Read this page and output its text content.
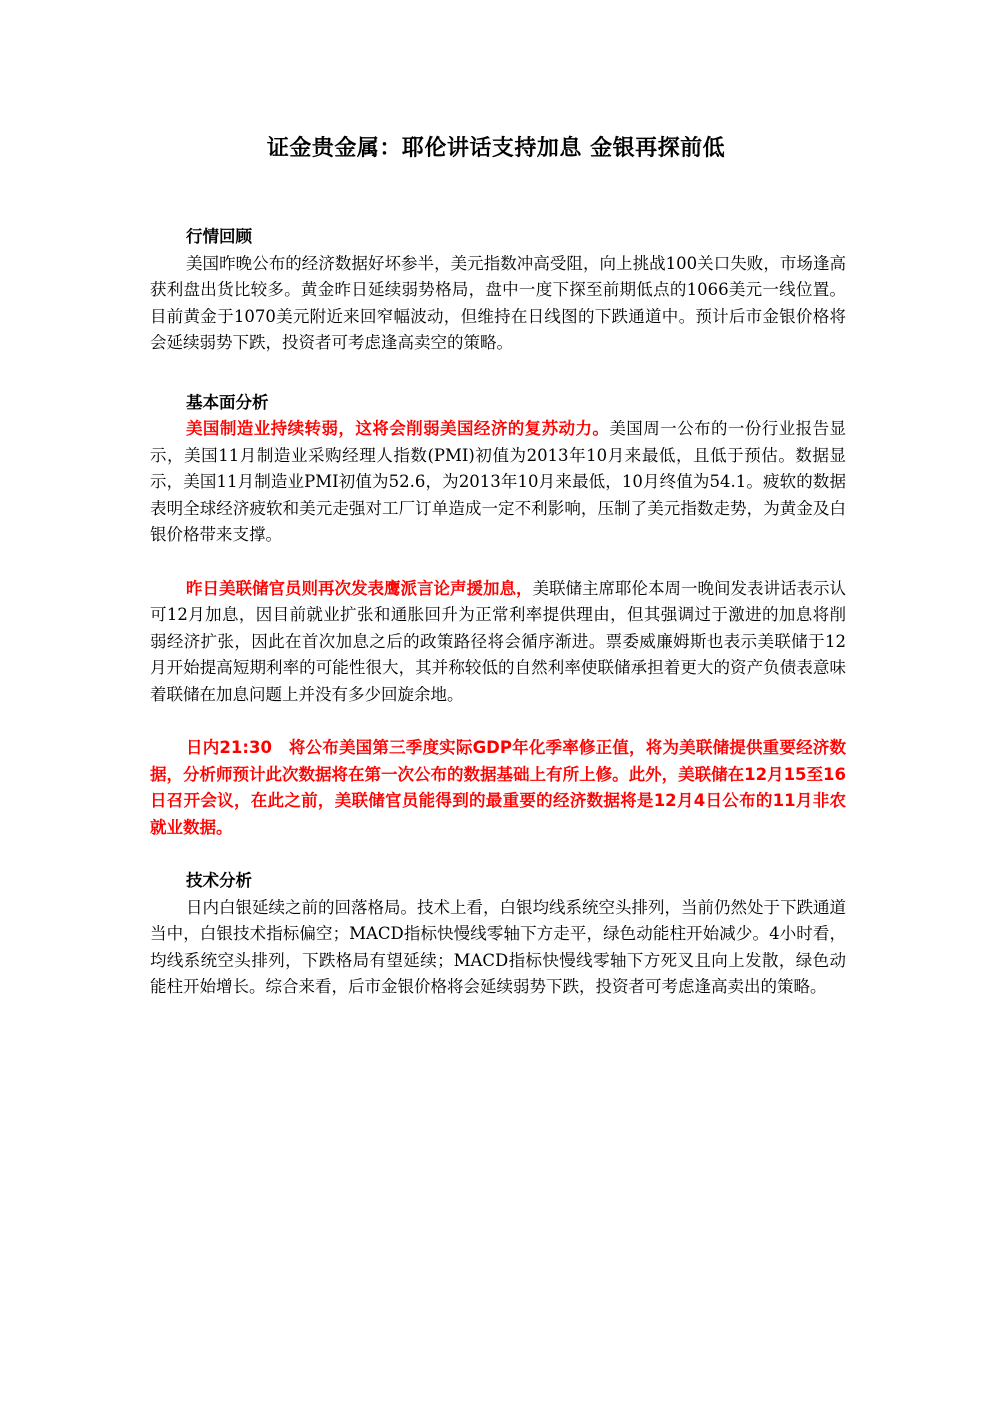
证金贵金属：耶伦讲话支持加息 金银再探前低

行情回顾

美国昨晚公布的经济数据好坏参半，美元指数冲高受阻，向上挑战100关口失败，市场逢高获利盘出货比较多。黄金昨日延续弱势格局，盘中一度下探至前期低点的1066美元一线位置。目前黄金于1070美元附近来回窄幅波动，但维持在日线图的下跌通道中。预计后市金银价格将会延续弱势下跌，投资者可考虑逢高卖空的策略。

基本面分析

美国制造业持续转弱，这将会削弱美国经济的复苏动力。美国周一公布的一份行业报告显示，美国11月制造业采购经理人指数(PMI)初值为2013年10月来最低，且低于预估。数据显示，美国11月制造业PMI初值为52.6，为2013年10月来最低，10月终值为54.1。疲软的数据表明全球经济疲软和美元走强对工厂订单造成一定不利影响，压制了美元指数走势，为黄金及白银价格带来支撑。

昨日美联储官员则再次发表鹰派言论声援加息，美联储主席耶伦本周一晚间发表讲话表示认可12月加息，因目前就业扩张和通胀回升为正常利率提供理由，但其强调过于激进的加息将削弱经济扩张，因此在首次加息之后的政策路径将会循序渐进。票委威廉姆斯也表示美联储于12月开始提高短期利率的可能性很大，其并称较低的自然利率使联储承担着更大的资产负债表意味着联储在加息问题上并没有多少回旋余地。

日内21:30　将公布美国第三季度实际GDP年化季率修正值，将为美联储提供重要经济数据，分析师预计此次数据将在第一次公布的数据基础上有所上修。此外，美联储在12月15至16日召开会议，在此之前，美联储官员能得到的最重要的经济数据将是12月4日公布的11月非农就业数据。

技术分析

日内白银延续之前的回落格局。技术上看，白银均线系统空头排列，当前仍然处于下跌通道当中，白银技术指标偏空；MACD指标快慢线零轴下方走平，绿色动能柱开始减少。4小时看，均线系统空头排列，下跌格局有望延续；MACD指标快慢线零轴下方死叉且向上发散，绿色动能柱开始增长。综合来看，后市金银价格将会延续弱势下跌，投资者可考虑逢高卖出的策略。
